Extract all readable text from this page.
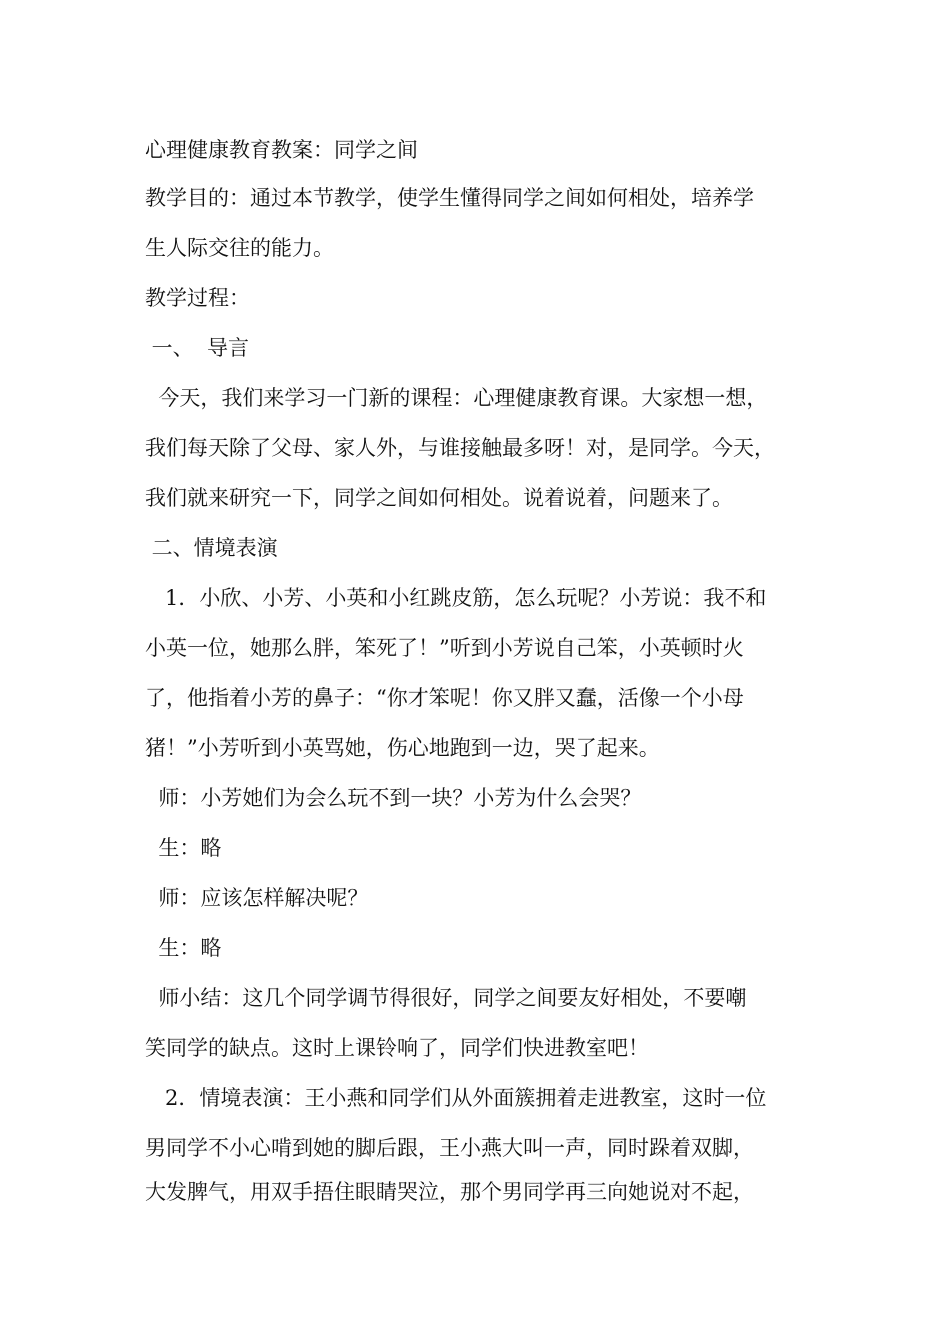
心理健康教育教案：同学之间
教学目的：通过本节教学，使学生懂得同学之间如何相处，培养学
生人际交往的能力。
教学过程：
一、  导言
今天，我们来学习一门新的课程：心理健康教育课。大家想一想，
我们每天除了父母、家人外，与谁接触最多呀！对，是同学。今天，
我们就来研究一下，同学之间如何相处。说着说着，问题来了。
二、情境表演
1．小欣、小芳、小英和小红跳皮筋，怎么玩呢？小芳说：我不和
小英一位，她那么胖，笨死了！”听到小芳说自己笨，小英顿时火
了，他指着小芳的鼻子：“你才笨呢！你又胖又蠢，活像一个小母
猪！”小芳听到小英骂她，伤心地跑到一边，哭了起来。
师：小芳她们为会么玩不到一块？小芳为什么会哭？
生：略
师：应该怎样解决呢？
生：略
师小结：这几个同学调节得很好，同学之间要友好相处，不要嘲
笑同学的缺点。这时上课铃响了，同学们快进教室吧！
2．情境表演：王小燕和同学们从外面簇拥着走进教室，这时一位
男同学不小心啃到她的脚后跟，王小燕大叫一声，同时跺着双脚，
大发脾气，用双手捂住眼睛哭泣，那个男同学再三向她说对不起，
